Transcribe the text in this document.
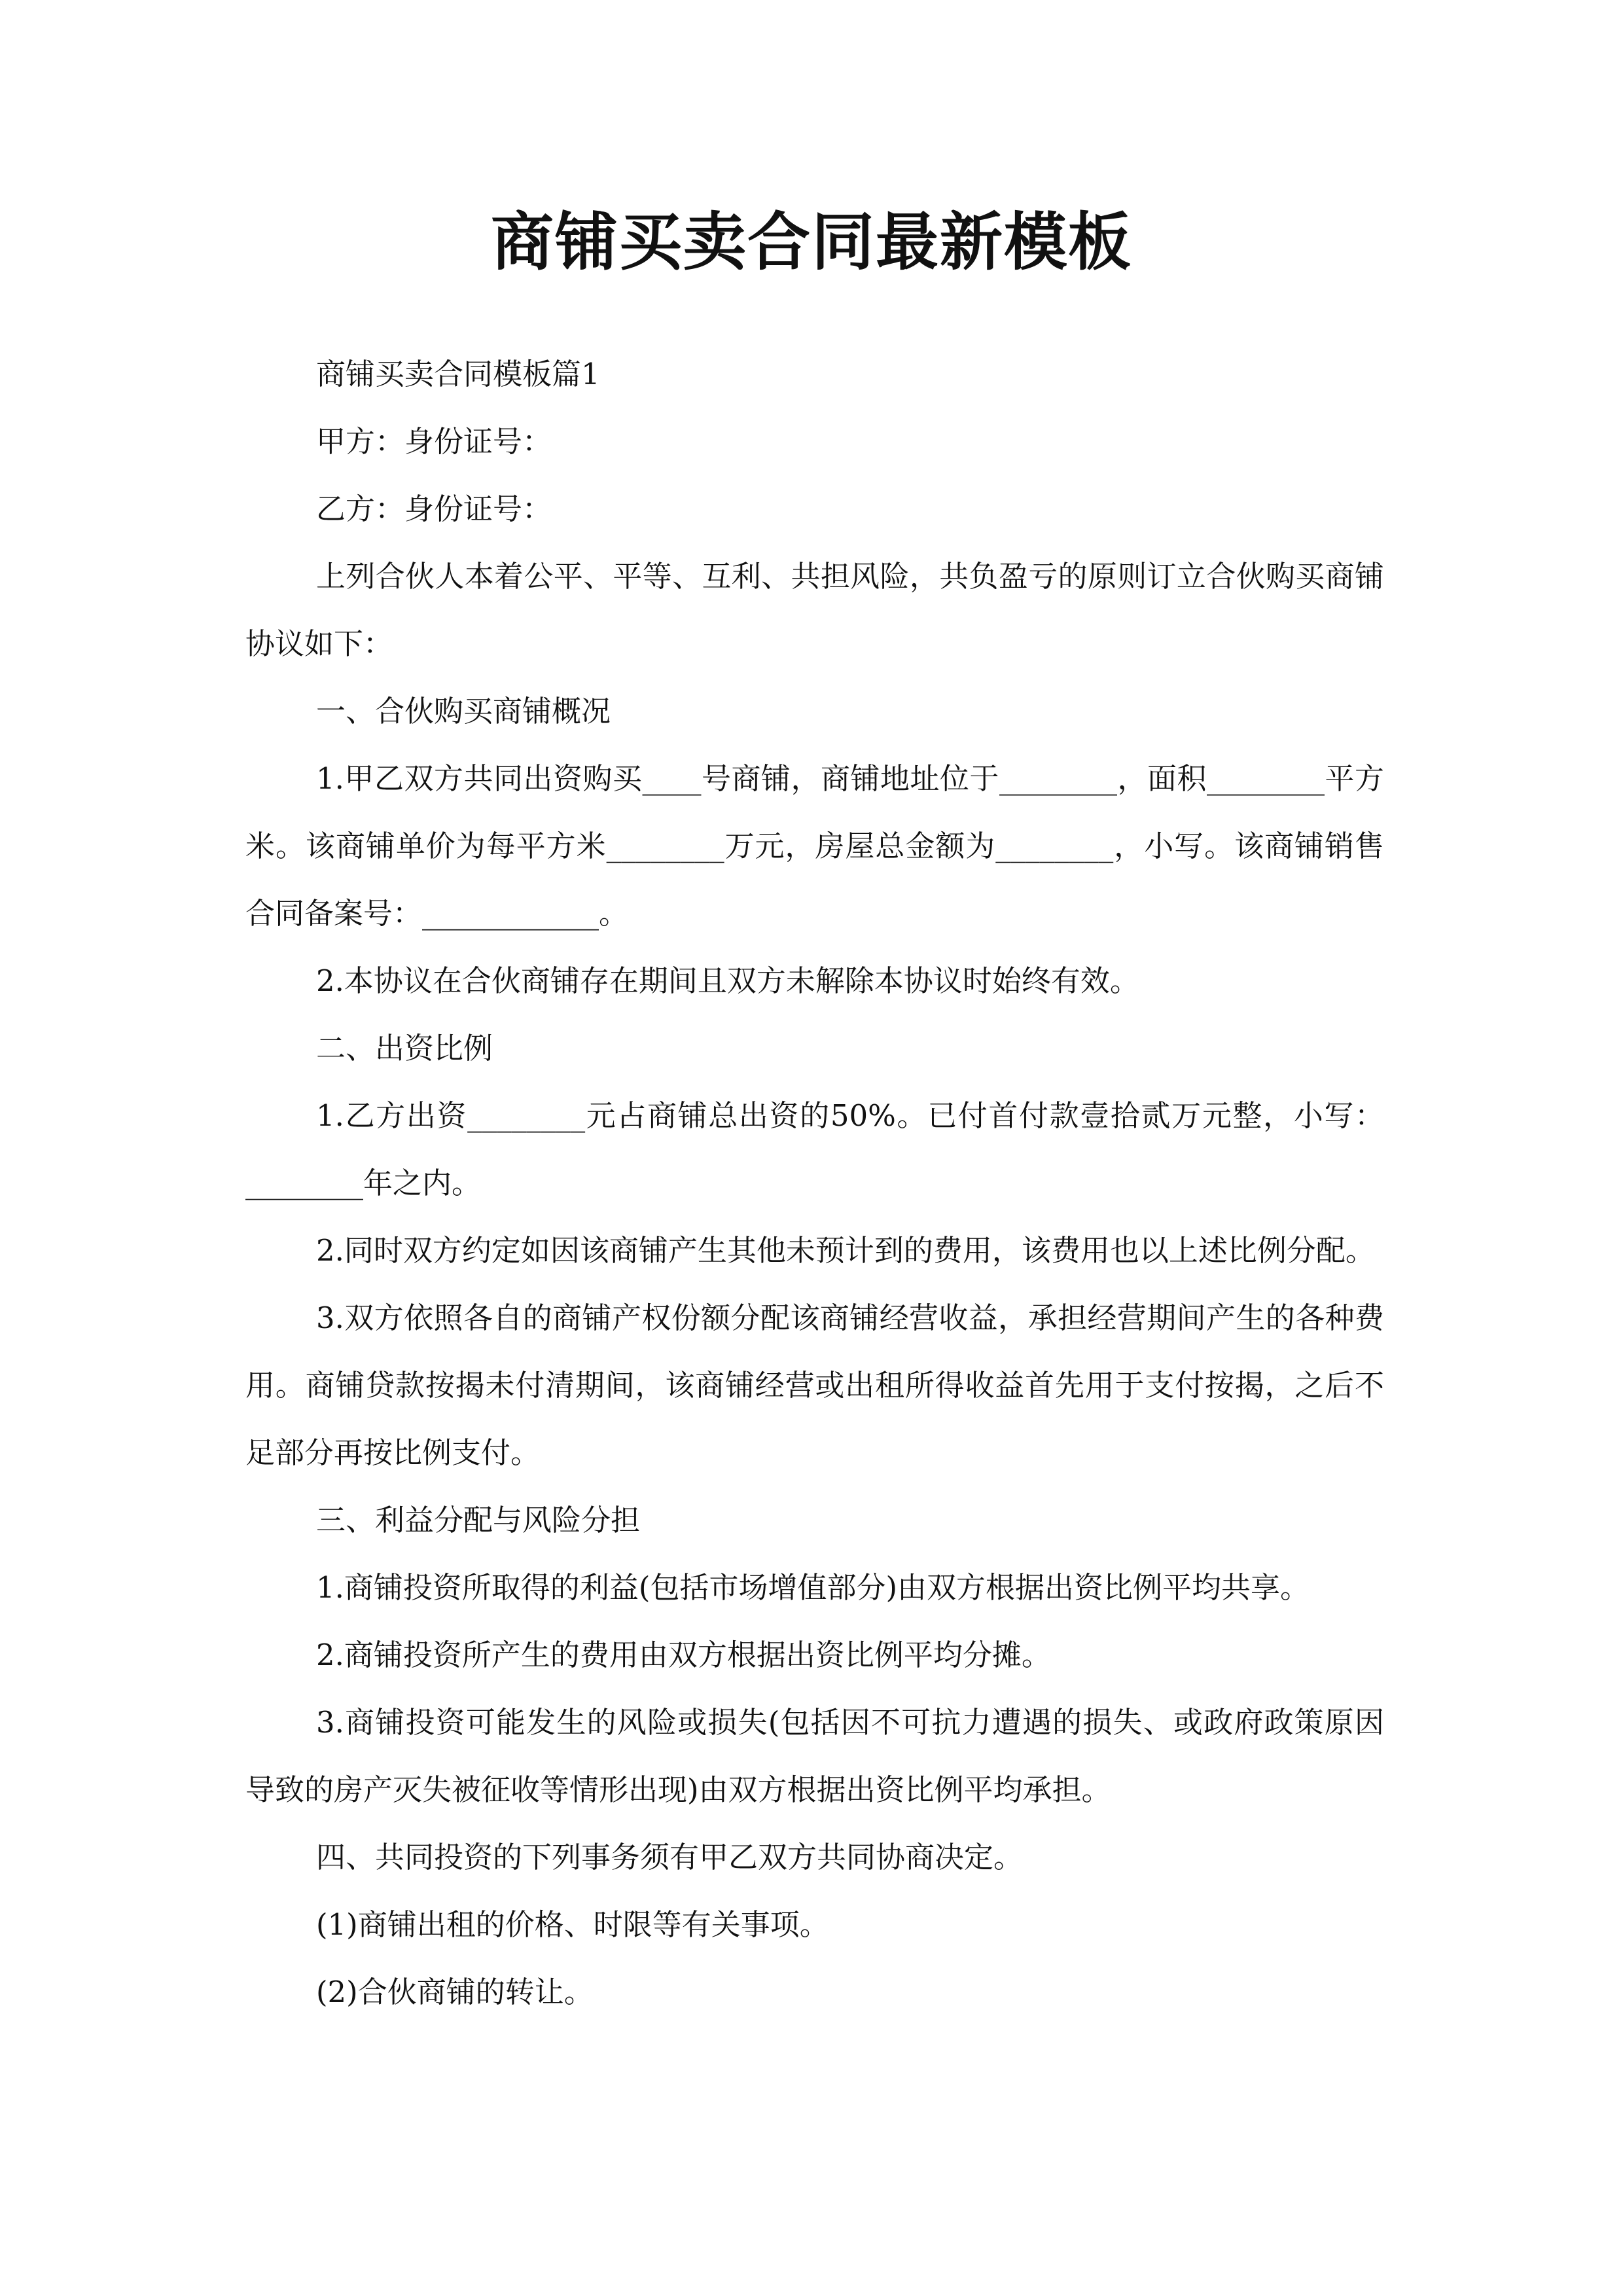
商铺买卖合同最新模板

商铺买卖合同模板篇1

甲方：身份证号：

乙方：身份证号：

上列合伙人本着公平、平等、互利、共担风险，共负盈亏的原则订立合伙购买商铺协议如下：

一、合伙购买商铺概况

1.甲乙双方共同出资购买____号商铺，商铺地址位于________，面积________平方米。该商铺单价为每平方米________万元，房屋总金额为________，小写。该商铺销售合同备案号：____________。

2.本协议在合伙商铺存在期间且双方未解除本协议时始终有效。

二、出资比例

1.乙方出资________元占商铺总出资的50%。已付首付款壹拾贰万元整，小写：________年之内。

2.同时双方约定如因该商铺产生其他未预计到的费用，该费用也以上述比例分配。

3.双方依照各自的商铺产权份额分配该商铺经营收益，承担经营期间产生的各种费用。商铺贷款按揭未付清期间，该商铺经营或出租所得收益首先用于支付按揭，之后不足部分再按比例支付。

三、利益分配与风险分担

1.商铺投资所取得的利益(包括市场增值部分)由双方根据出资比例平均共享。

2.商铺投资所产生的费用由双方根据出资比例平均分摊。

3.商铺投资可能发生的风险或损失(包括因不可抗力遭遇的损失、或政府政策原因导致的房产灭失被征收等情形出现)由双方根据出资比例平均承担。

四、共同投资的下列事务须有甲乙双方共同协商决定。

(1)商铺出租的价格、时限等有关事项。

(2)合伙商铺的转让。
